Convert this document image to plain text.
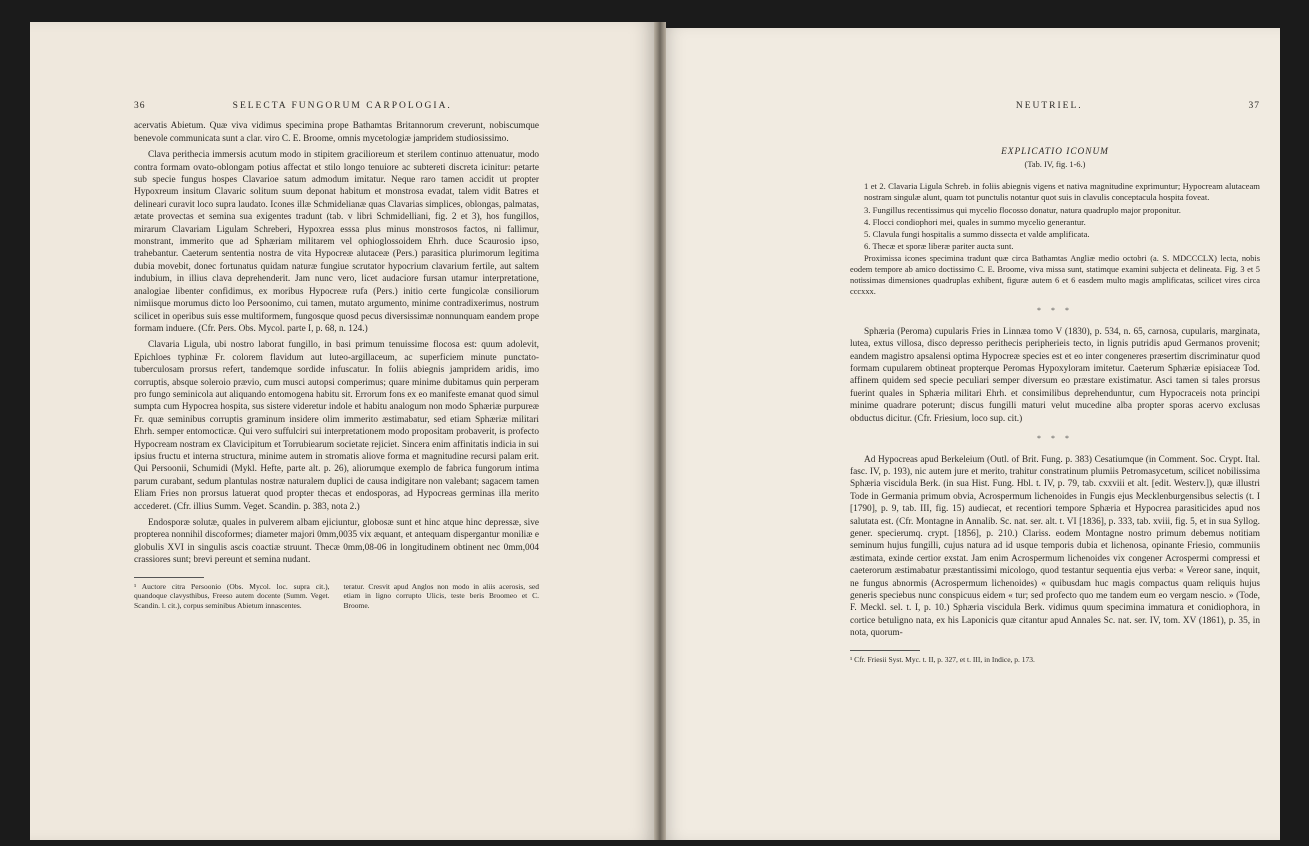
36	SELECTA FUNGORUM CARPOLOGIA.

acervatis Abietum. Quæ viva vidimus specimina prope Bathamtas Britannorum creverunt, nobiscumque benevole communicata sunt a clar. viro C. E. Broome, omnis mycetologiæ jampridem studiosissimo.

Clava perithecia immersis acutum modo in stipitem gracilioreum et sterilem continuo attenuatur, modo contra formam ovato-oblongam potius affectat et stilo longo tenuiore ac subtereti discreta icinitur: petarte sub specie fungus hospes Clavarioe satum admodum imitatur. Neque raro tamen accidit ut propter Hypoxreum insitum Clavaric solitum suum deponat habitum et monstrosa evadat, talem vidit Batres et delineari curavit loco supra laudato. Icones illæ Schmidelianæ quas Clavarias simplices, oblongas, palmatas, ætate provectas et semina sua exigentes tradunt (tab. v libri Schmidelliani, fig. 2 et 3), hos fungillos, mirarum Clavariam Ligulam Schreberi, Hypoxrea esssa plus minus monstrosos factos, ni fallimur, monstrant, immerito que ad Sphæriam militarem vel ophioglossoidem Ehrh. duce Scaurosio ipso, trahebantur. Caeterum sententia nostra de vita Hypocreæ alutaceæ (Pers.) parasitica plurimorum legitima dubia movebit, donec fortunatus quidam naturæ fungiue scrutator hypocrium clavarium fertile, aut saltem indubium, in illius clava deprehenderit. Jam nunc vero, licet audaciore fursan utamur interpretatione, analogiae libenter confidimus, ex moribus Hypocreæ rufa (Pers.) initio certe fungicolæ consiliorum nimiisque morumus dicto loo Persoonimo, cui tamen, mutato argumento, minime contradixerimus, nostrum scilicet in operibus suis esse multiformem, fungosque quosd pecus diversissimæ nonnunquam eandem prope formam induere. (Cfr. Pers. Obs. Mycol. parte I, p. 68, n. 124.)

Clavaria Ligula, ubi nostro laborat fungillo, in basi primum tenuissime flocosa est: quum adolevit, Epichloes typhinæ Fr. colorem flavidum aut luteo-argillaceum, ac superficiem minute punctato-tuberculosam prorsus refert, tandemque sordide infuscatur. In foliis abiegnis jampridem aridis, imo corruptis, absque soleroio prævio, cum musci autopsi comperimus; quare minime dubitamus quin perperam pro fungo seminicola aut aliquando entomogena habitu sit. Errorum fons ex eo manifeste emanat quod simul sumpta cum Hypocrea hospita, sus sistere videretur indole et habitu analogum non modo Sphæriæ purpureæ Fr. quæ seminibus corruptis graminum insidere olim immerito æstimabatur, sed etiam Sphæriæ militari Ehrh. semper entomocticæ. Qui vero suffulciri sui interpretationem modo propositam probaverit, is profecto Hypocream nostram ex Clavicipitum et Torrubiearum societate rejiciet. Sincera enim affinitatis indicia in sui ipsius fructu et interna structura, minime autem in stromatis aliove forma et magnitudine recursi palam erit. Qui Persoonii, Schumidi (Mykl. Hefte, parte alt. p. 26), aliorumque exemplo de fabrica fungorum intima parum curabant, sedum plantulas nostræ naturalem duplici de causa indigitare non valebant; sagacem tamen Eliam Fries non prorsus latuerat quod propter thecas et endosporas, ad Hypocreas germinas illa merito accederet. (Cfr. illius Summ. Veget. Scandin. p. 383, nota 2.)

Endosporæ solutæ, quales in pulverem albam ejiciuntur, globosæ sunt et hinc atque hinc depressæ, sive propterea nonnihil discoformes; diameter majori 0mm,0035 vix æquant, et antequam dispergantur moniliæ e globulis XVI in singulis ascis coactiæ struunt. Thecæ 0mm,08-06 in longitudinem obtinent nec 0mm,004 crassiores sunt; brevi pereunt et semina nudant.

¹ Auctore citra Persoonio (Obs. Mycol. loc. supra cit.), quandoque clavysthibus, Freeso autem docente (Summ. Veget. Scandin. l. cit.), corpus seminibus Abietum innascentes.
teratur. Cresvit apud Anglos non modo in aliis acerosis, sed etiam in ligno corrupto Ulicis, teste beris Broomeo et C. Broome.
NEUTRIEL.	37
EXPLICATIO ICONUM
(Tab. IV, fig. 1-6.)

1 et 2. Clavaria Ligula Schreb. in foliis abiegnis vigens et nativa magnitudine exprimuntur; Hypocream alutaceam nostram singulæ alunt, quam tot punctulis notantur quot suis in clavulis conceptacula hospita foveat.

3. Fungillus recentissimus qui mycelio flocosso donatur, natura quadruplo major proponitur.

4. Flocci condiophori mei, quales in summo mycelio generantur.

5. Clavula fungi hospitalis a summo dissecta et valde amplificata.

6. Thecæ et sporæ liberæ pariter aucta sunt.

Proximissa icones specimina tradunt quæ circa Bathamtas Angliæ medio octobri (a. S. MDCCCLX) lecta, nobis eodem tempore ab amico doctissimo C. E. Broome, viva missa sunt, statimque examini subjecta et delineata. Fig. 3 et 5 notissimas dimensiones quadruplas exhibent, figuræ autem 6 et 6 easdem multo magis amplificatas, scilicet vires circa cccxxx.

* * *

Sphæria (Peroma) cupularis Fries in Linnæa tomo V (1830), p. 534, n. 65, carnosa, cupularis, marginata, lutea, extus villosa, disco depresso perithecis peripherieis tecto, in lignis putridis apud Germanos provenit; eandem magistro apsalensi optima Hypocreæ species est et eo inter congeneres præsertim discriminatur quod formam cupularem obtineat propterque Peromas Hypoxyloram imitetur. Caeterum Sphæriæ episiaceæ Tod. affinem quidem sed specie peculiari semper diversum eo præstare existimatur. Asci tamen si tales prorsus fuerint quales in Sphæria militari Ehrh. et consimilibus deprehenduntur, cum Hypocraceis nota principi minime quadrare poterunt; discus fungilli maturi velut mucedine alba propter sporas acervo exclusas obductus dicitur. (Cfr. Friesium, loco sup. cit.)

* * *

Ad Hypocreas apud Berkeleium (Outl. of Brit. Fung. p. 383) Cesatiumque (in Comment. Soc. Crypt. Ital. fasc. IV, p. 193), nic autem jure et merito, trahitur constratinum plumiis Petromasycetum, scilicet nobilissima Sphæria viscidula Berk. (in sua Hist. Fung. Hbl. t. IV, p. 79, tab. cxxviii et alt. [edit. Westerv.]), quæ illustri Tode in Germania primum obvia, Acrospermum lichenoides in Fungis ejus Mecklenburgensibus selectis (t. I [1790], p. 9, tab. III, fig. 15) audiecat, et recentiori tempore Sphæria et Hypocrea parasiticides apud nos salutata est. (Cfr. Montagne in Annalib. Sc. nat. ser. alt. t. VI [1836], p. 333, tab. xviii, fig. 5, et in sua Syllog. gener. specierumq. crypt. [1856], p. 210.) Clariss. eodem Montagne nostro primum debemus notitiam seminum hujus fungilli, cujus natura ad id usque temporis dubia et lichenosa, opinante Friesio, communiis æstimata, exinde certior exstat. Jam enim Acrospermum lichenoides vix congener Acrospermi compressi et caeterorum æstimabatur præstantissimi micologo, quod testantur sequentia ejus verba: « Vereor sane, inquit, ne fungus abnormis (Acrospermum lichenoides) « quibusdam huc magis compactus quam reliquis hujus generis speciebus nunc conspicuus eidem « tur; sed profecto quo me tandem eum eo vergam nescio. » (Tode, F. Meckl. sel. t. I, p. 10.) Sphæria viscidula Berk. vidimus quum specimina immatura et conidiophora, in cortice betuligno nata, ex his Laponicis quæ citantur apud Annales Sc. nat. ser. IV, tom. XV (1861), p. 35, in nota, quorum-

¹ Cfr. Friesii Syst. Myc. t. II, p. 327, et t. III, in Indice, p. 173.
